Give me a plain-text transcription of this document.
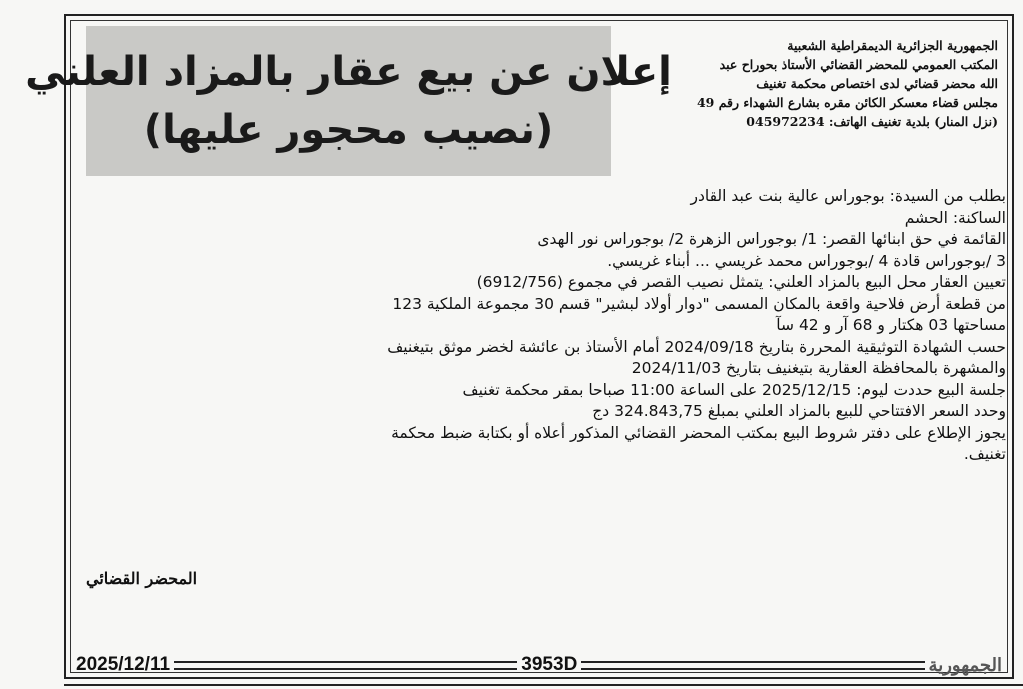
إعلان عن بيع عقار بالمزاد العلني
(نصيب محجور عليها)
الجمهورية الجزائرية الديمقراطية الشعبية
المكتب العمومي للمحضر القضائي الأستاذ بحوراح عبد
الله محضر قضائي لدى اختصاص محكمة تغنيف
مجلس قضاء معسكر الكائن مقره بشارع الشهداء رقم 49
(نزل المنار) بلدية تغنيف الهاتف: 045972234
بطلب من السيدة: بوجوراس عالية بنت عبد القادر
الساكنة: الحشم
القائمة في حق ابنائها القصر: 1/ بوجوراس الزهرة 2/ بوجوراس نور الهدى
3 /بوجوراس قادة 4 /بوجوراس محمد غريسي ... أبناء غريسي.
تعيين العقار محل البيع بالمزاد العلني: يتمثل نصيب القصر في مجموع (6912/756)
من قطعة أرض فلاحية واقعة بالمكان المسمى "دوار أولاد لبشير" قسم 30 مجموعة الملكية 123
مساحتها 03 هكتار و 68 آر و 42 سآ
حسب الشهادة التوثيقية المحررة بتاريخ 2024/09/18 أمام الأستاذ بن عائشة لخضر موثق بتيغنيف
والمشهرة بالمحافظة العقارية بتيغنيف بتاريخ 2024/11/03
جلسة البيع حددت ليوم: 2025/12/15 على الساعة 11:00 صباحا بمقر محكمة تغنيف
وحدد السعر الافتتاحي للبيع بالمزاد العلني بمبلغ 324.843,75 دج
يجوز الإطلاع على دفتر شروط البيع بمكتب المحضر القضائي المذكور أعلاه أو بكتابة ضبط محكمة
تغنيف.
المحضر القضائي
2025/12/11	3953D	الجمهورية
